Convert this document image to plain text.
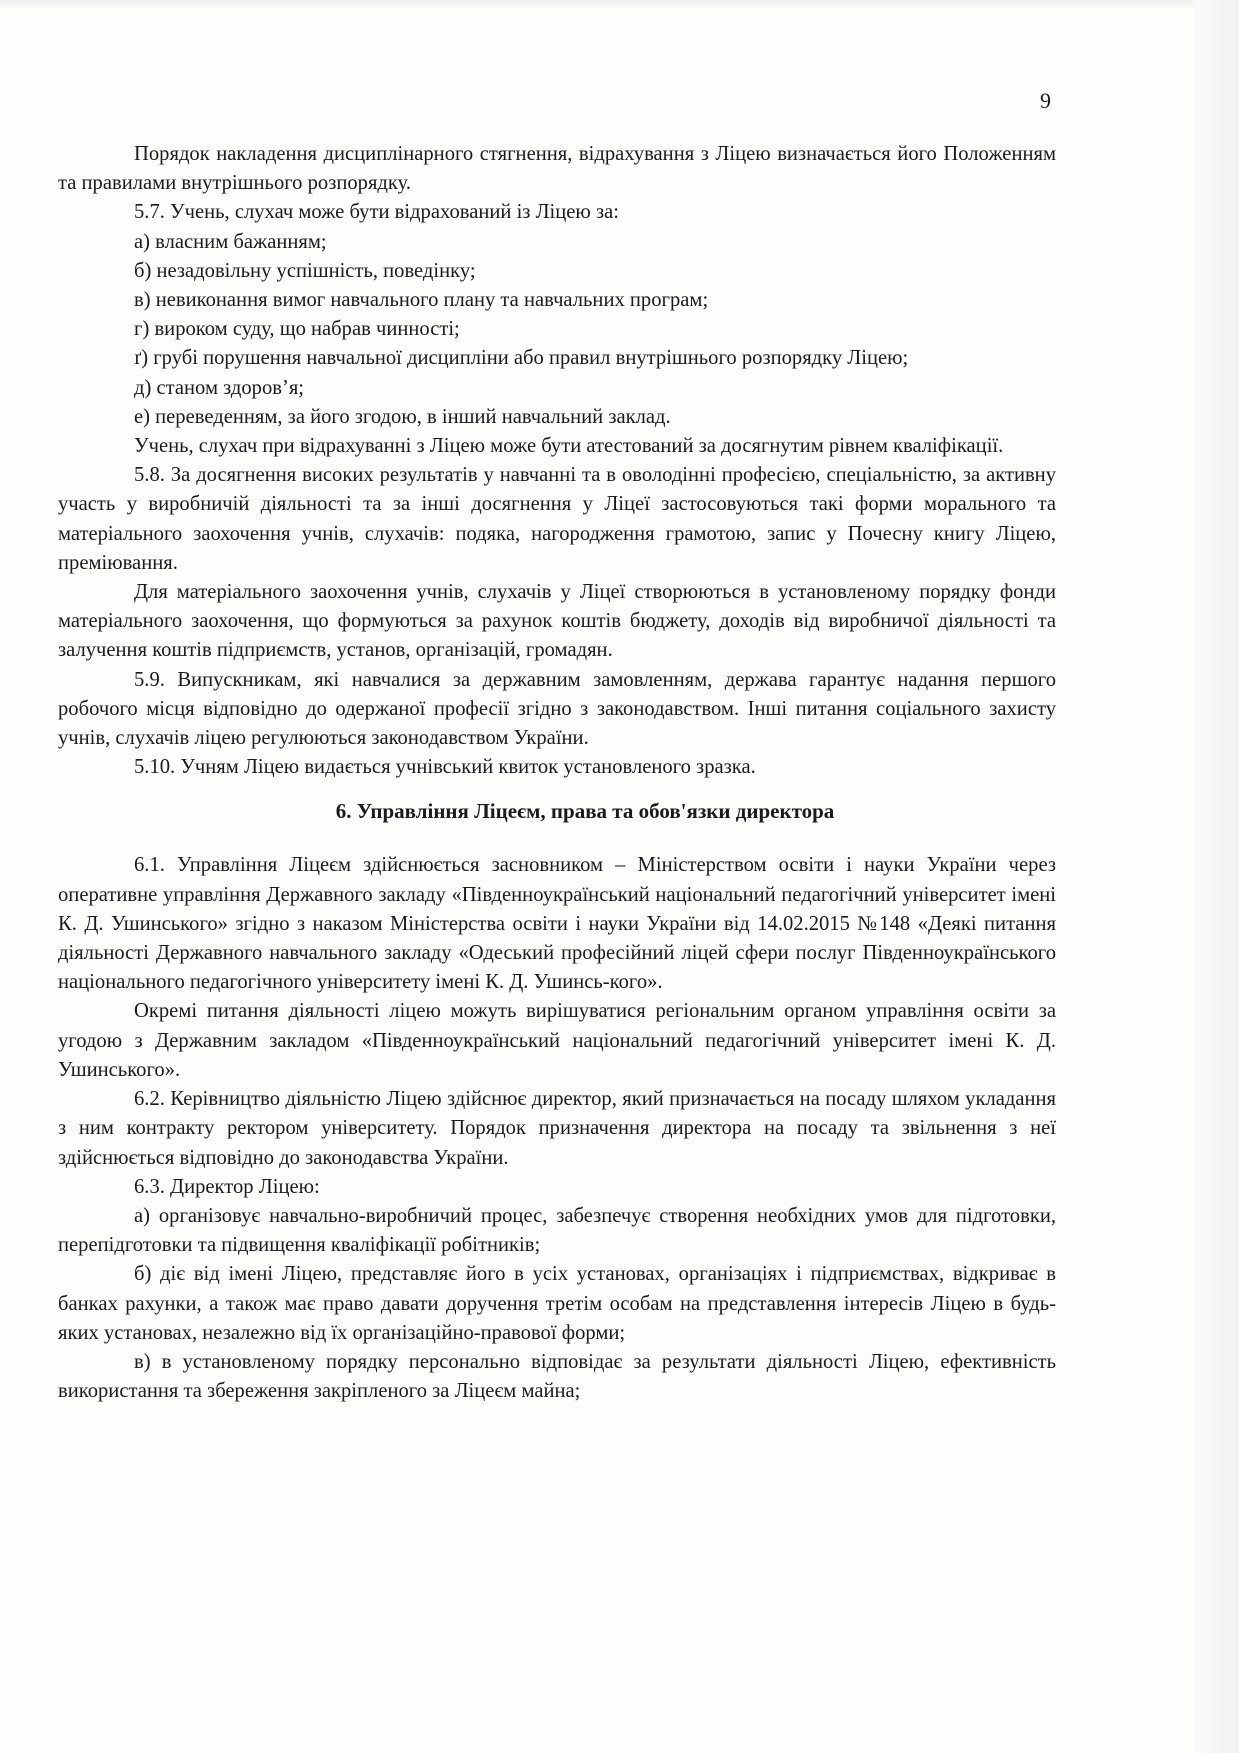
9

Порядок накладення дисциплінарного стягнення, відрахування з Ліцею визначається його Положенням та правилами внутрішнього розпорядку.

5.7. Учень, слухач може бути відрахований із Ліцею за:

а) власним бажанням;

б) незадовільну успішність, поведінку;

в) невиконання вимог навчального плану та навчальних програм;

г) вироком суду, що набрав чинності;

ґ) грубі порушення навчальної дисципліни або правил внутрішнього розпорядку Ліцею;

д) станом здоров’я;

е) переведенням, за його згодою, в інший навчальний заклад.

Учень, слухач при відрахуванні з Ліцею може бути атестований за досягнутим рівнем кваліфікації.

5.8. За досягнення високих результатів у навчанні та в оволодінні професією, спеціальністю, за активну участь у виробничій діяльності та за інші досягнення у Ліцеї застосовуються такі форми морального та матеріального заохочення учнів, слухачів: подяка, нагородження грамотою, запис у Почесну книгу Ліцею, преміювання.

Для матеріального заохочення учнів, слухачів у Ліцеї створюються в установленому порядку фонди матеріального заохочення, що формуються за рахунок коштів бюджету, доходів від виробничої діяльності та залучення коштів підприємств, установ, організацій, громадян.

5.9. Випускникам, які навчалися за державним замовленням, держава гарантує надання першого робочого місця відповідно до одержаної професії згідно з законодавством. Інші питання соціального захисту учнів, слухачів ліцею регулюються законодавством України.

5.10. Учням Ліцею видається учнівський квиток установленого зразка.

6. Управління Ліцеєм, права та обов'язки директора

6.1. Управління Ліцеєм здійснюється засновником – Міністерством освіти і науки України через оперативне управління Державного закладу «Південноукраїнський національний педагогічний університет імені К. Д. Ушинського» згідно з наказом Міністерства освіти і науки України від 14.02.2015 №148 «Деякі питання діяльності Державного навчального закладу «Одеський професійний ліцей сфери послуг Південноукраїнського національного педагогічного університету імені К. Д. Ушинсь-кого».

Окремі питання діяльності ліцею можуть вирішуватися регіональним органом управління освіти за угодою з Державним закладом «Південноукраїнський національний педагогічний університет імені К. Д. Ушинського».

6.2. Керівництво діяльністю Ліцею здійснює директор, який призначається на посаду шляхом укладання з ним контракту ректором університету. Порядок призначення директора на посаду та звільнення з неї здійснюється відповідно до законодавства України.

6.3. Директор Ліцею:

а) організовує навчально-виробничий процес, забезпечує створення необхідних умов для підготовки, перепідготовки та підвищення кваліфікації робітників;

б) діє від імені Ліцею, представляє його в усіх установах, організаціях і підприємствах, відкриває в банках рахунки, а також має право давати доручення третім особам на представлення інтересів Ліцею в будь-яких установах, незалежно від їх організаційно-правової форми;

в) в установленому порядку персонально відповідає за результати діяльності Ліцею, ефективність використання та збереження закріпленого за Ліцеєм майна;
